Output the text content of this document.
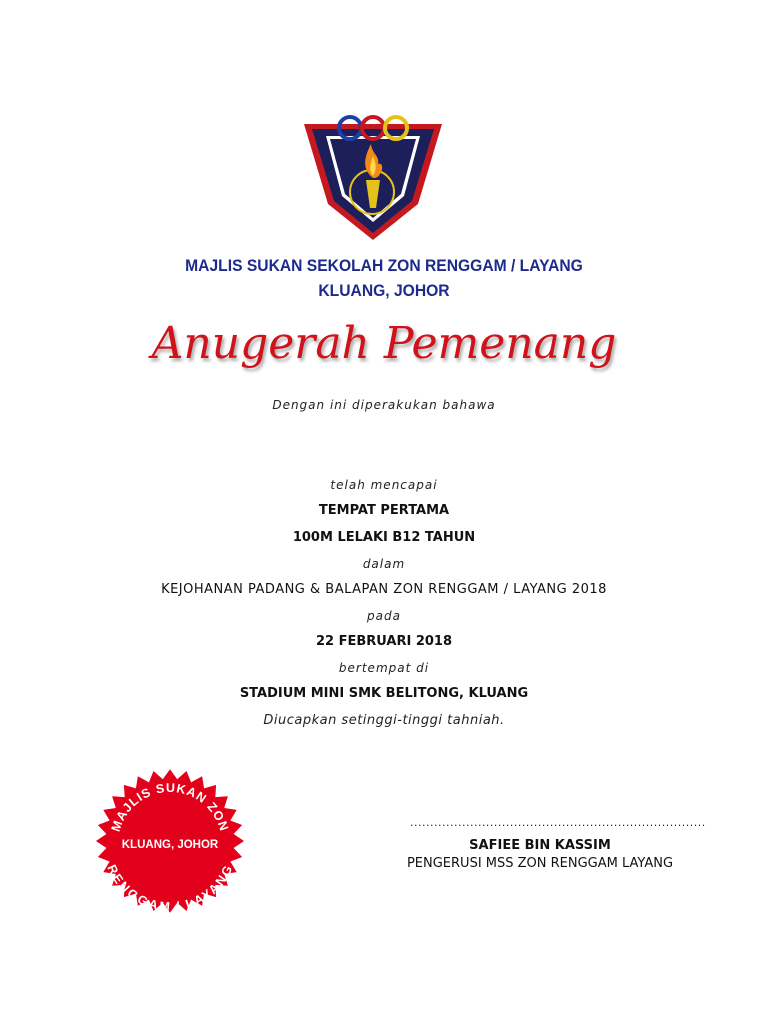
MAJLIS SUKAN SEKOLAH ZON RENGGAM / LAYANG
KLUANG, JOHOR
Anugerah Pemenang
Dengan ini diperakukan bahawa
telah mencapai
TEMPAT PERTAMA
100M LELAKI B12 TAHUN
dalam
KEJOHANAN PADANG & BALAPAN ZON RENGGAM / LAYANG 2018
pada
22 FEBRUARI 2018
bertempat di
STADIUM MINI SMK BELITONG, KLUANG
Diucapkan setinggi-tinggi tahniah.
MAJLIS SUKAN ZON
KLUANG, JOHOR
RENGGAM / LAYANG
..........................................................................
SAFIEE BIN KASSIM
PENGERUSI MSS ZON RENGGAM LAYANG
